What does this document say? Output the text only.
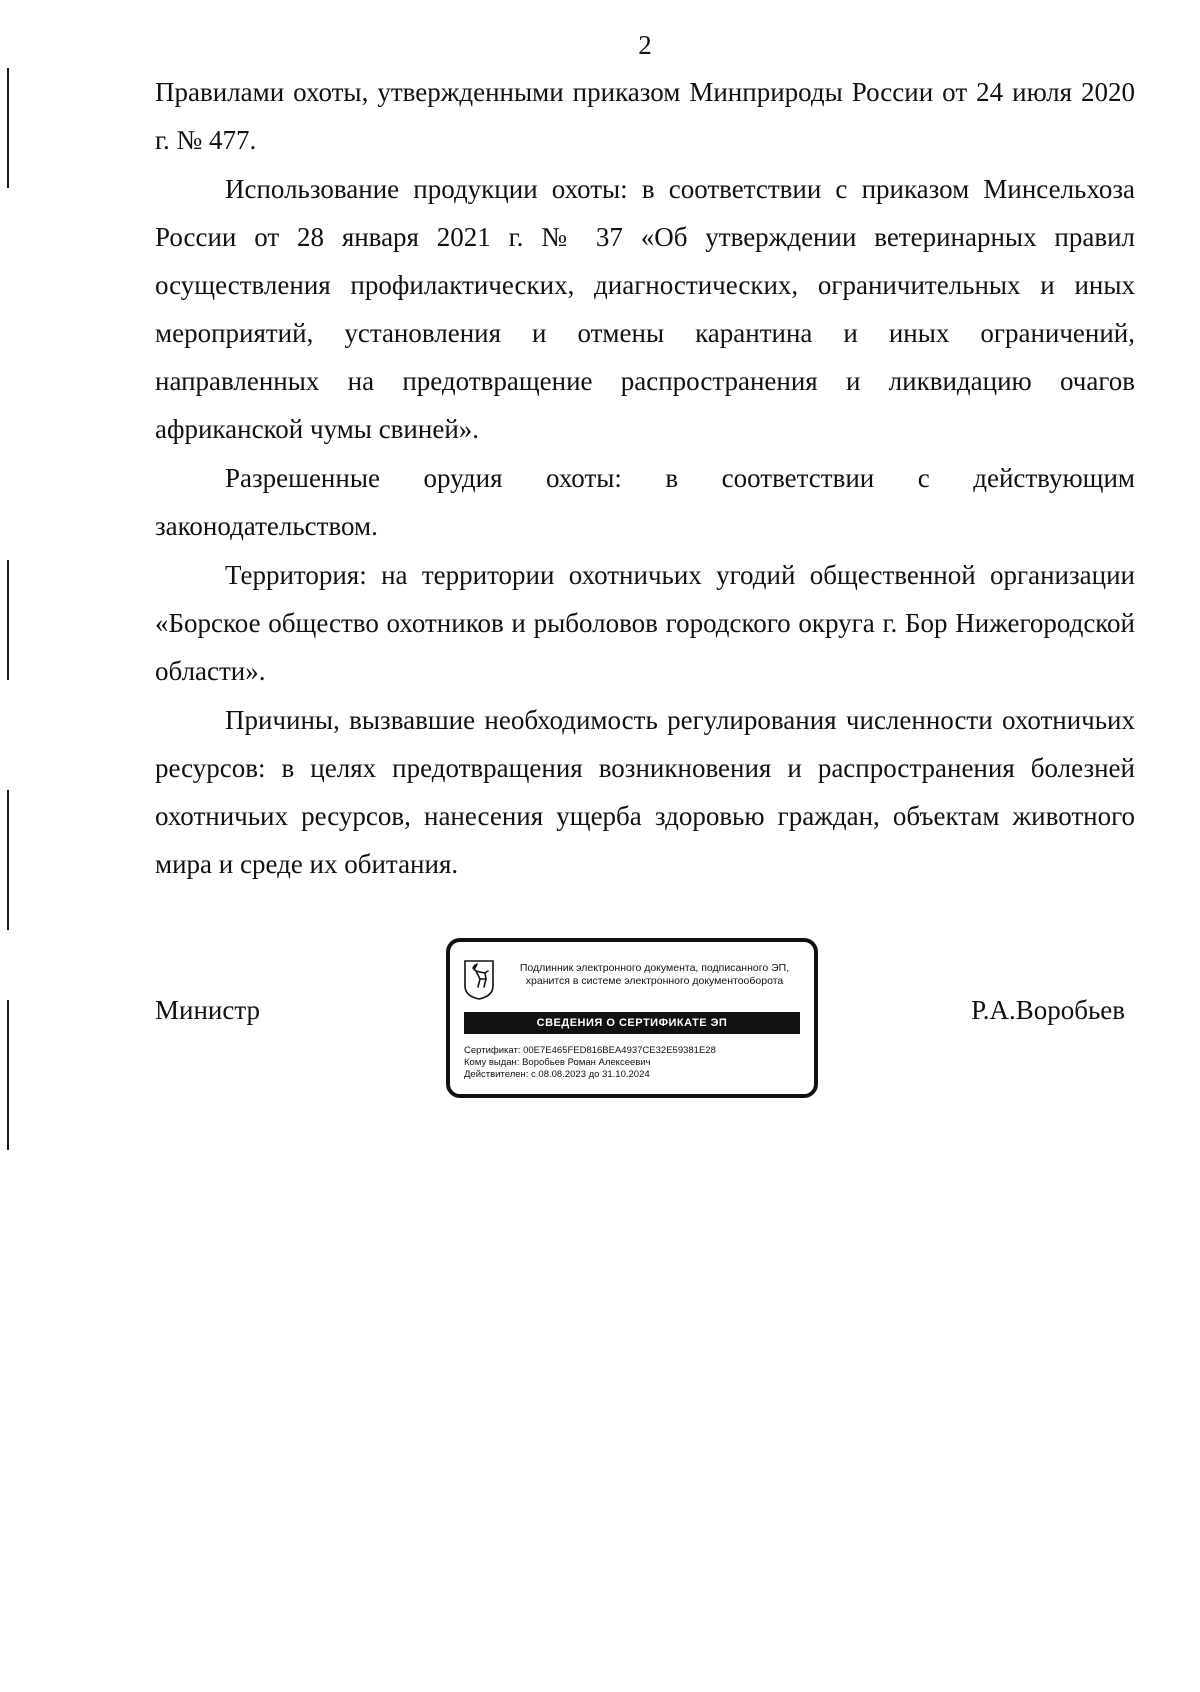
2

Правилами охоты, утвержденными приказом Минприроды России от 24 июля 2020 г. № 477.

Использование продукции охоты: в соответствии с приказом Минсельхоза России от 28 января 2021 г. № 37 «Об утверждении ветеринарных правил осуществления профилактических, диагностических, ограничительных и иных мероприятий, установления и отмены карантина и иных ограничений, направленных на предотвращение распространения и ликвидацию очагов африканской чумы свиней».

Разрешенные орудия охоты: в соответствии с действующим законодательством.

Территория: на территории охотничьих угодий общественной организации «Борское общество охотников и рыболовов городского округа г. Бор Нижегородской области».

Причины, вызвавшие необходимость регулирования численности охотничьих ресурсов: в целях предотвращения возникновения и распространения болезней охотничьих ресурсов, нанесения ущерба здоровью граждан, объектам животного мира и среде их обитания.

Министр	Р.А.Воробьев
Подлинник электронного документа, подписанного ЭП,
хранится в системе электронного документооборота
СВЕДЕНИЯ О СЕРТИФИКАТЕ ЭП
Сертификат: 00E7E465FED816BEA4937CE32E59381E28
Кому выдан: Воробьев Роман Алексеевич
Действителен: с 08.08.2023 до 31.10.2024
